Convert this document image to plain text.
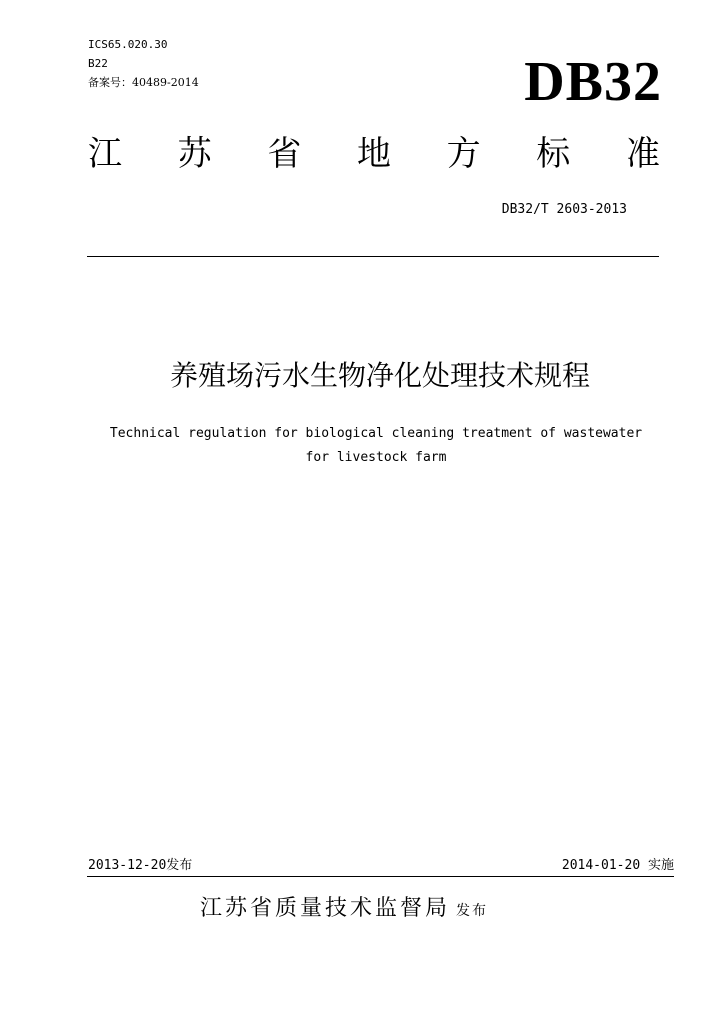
ICS65.020.30
B22
备案号：40489-2014	DB32
江 苏 省 地 方 标 准
DB32/T 2603-2013
养殖场污水生物净化处理技术规程
Technical regulation for biological cleaning treatment of wastewater
for livestock farm
2013-12-20发布	2014-01-20 实施
江苏省质量技术监督局 发布
